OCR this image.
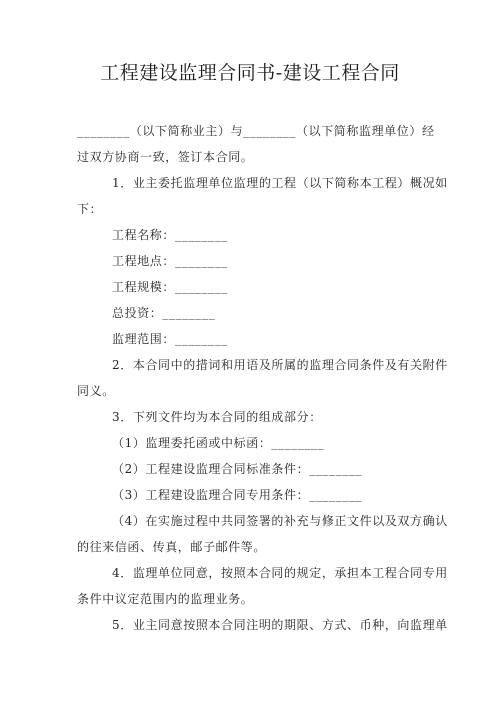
工程建设监理合同书-建设工程合同
________（以下简称业主）与________（以下简称监理单位）经
过双方协商一致，签订本合同。
1．业主委托监理单位监理的工程（以下简称本工程）概况如
下：
工程名称：________
工程地点：________
工程规模：________
总投资：________
监理范围：________
2．本合同中的措词和用语及所属的监理合同条件及有关附件
同义。
3．下列文件均为本合同的组成部分：
（1）监理委托函或中标函：________
（2）工程建设监理合同标准条件：________
（3）工程建设监理合同专用条件：________
（4）在实施过程中共同签署的补充与修正文件以及双方确认
的往来信函、传真，邮子邮件等。
4．监理单位同意，按照本合同的规定，承担本工程合同专用
条件中议定范围内的监理业务。
5．业主同意按照本合同注明的期限、方式、币种，向监理单
